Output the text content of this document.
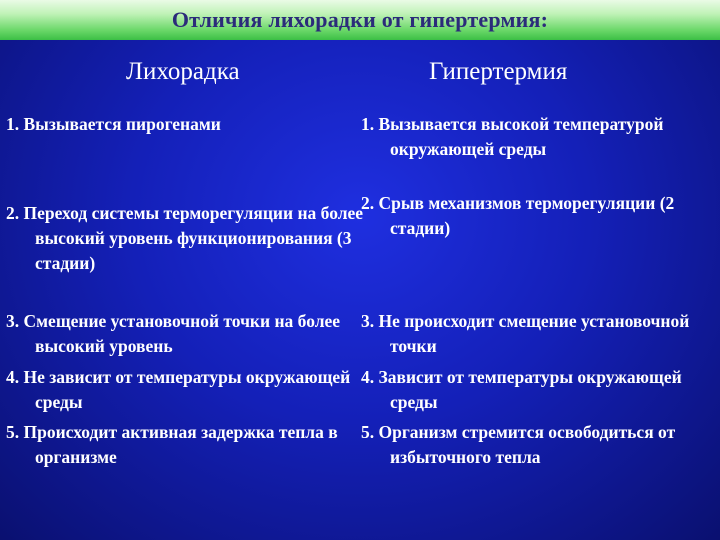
Отличия лихорадки от гипертермия:
Лихорадка	Гипертермия

1. Вызывается пирогенами

2. Переход системы терморегуляции на более высокий уровень функционирования (3 стадии)

3. Смещение установочной точки на более высокий уровень

4. Не зависит от температуры окружающей среды

5. Происходит активная задержка тепла в организме

1. Вызывается высокой температурой окружающей среды

2. Срыв механизмов терморегуляции (2 стадии)

3. Не происходит смещение установочной точки

4. Зависит от температуры окружающей среды

5. Организм стремится освободиться от избыточного тепла
